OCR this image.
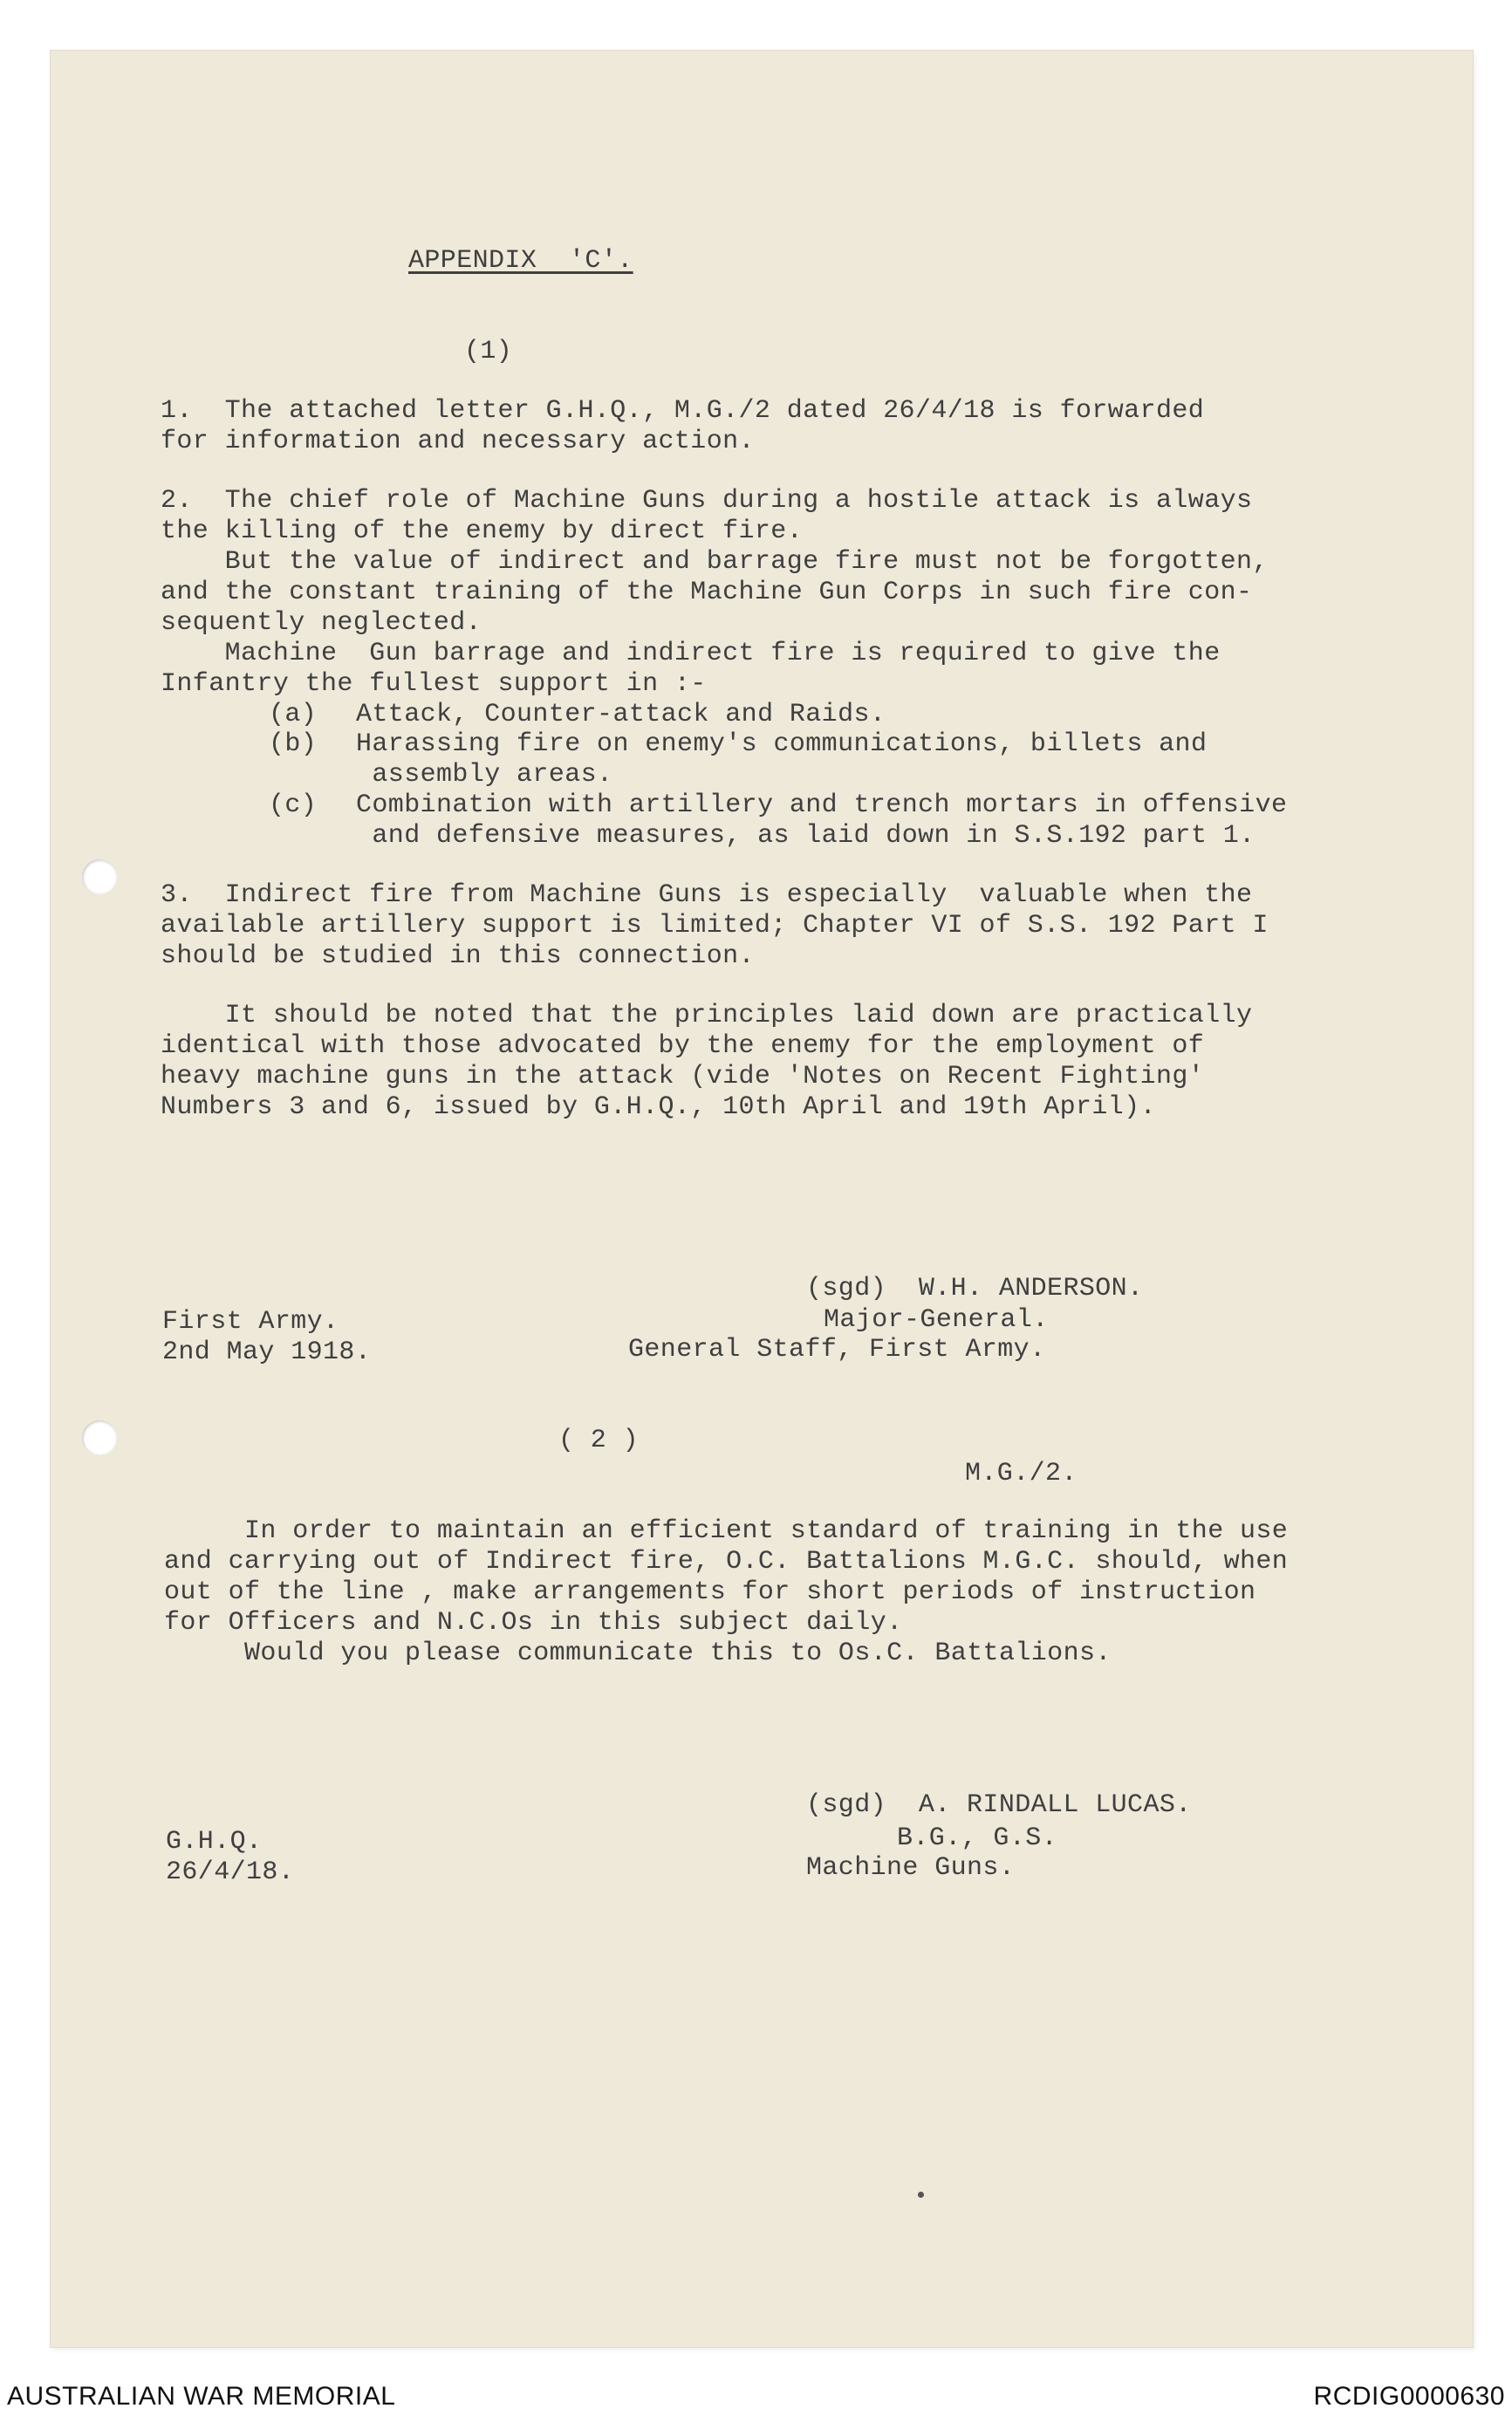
APPENDIX  'C'.

(1)

1.  The attached letter G.H.Q., M.G./2 dated 26/4/18 is forwarded
for information and necessary action.

2.  The chief role of Machine Guns during a hostile attack is always
the killing of the enemy by direct fire.
But the value of indirect and barrage fire must not be forgotten,
and the constant training of the Machine Gun Corps in such fire con-
sequently neglected.
Machine  Gun barrage and indirect fire is required to give the
Infantry the fullest support in :-

(a) Attack, Counter-attack and Raids.

(b) Harassing fire on enemy's communications, billets and
assembly areas.

(c) Combination with artillery and trench mortars in offensive
and defensive measures, as laid down in S.S.192 part 1.

3.  Indirect fire from Machine Guns is especially  valuable when the
available artillery support is limited; Chapter VI of S.S. 192 Part I
should be studied in this connection.

It should be noted that the principles laid down are practically
identical with those advocated by the enemy for the employment of
heavy machine guns in the attack (vide 'Notes on Recent Fighting'
Numbers 3 and 6, issued by G.H.Q., 10th April and 19th April).

First Army.
2nd May 1918.

(sgd)  W.H. ANDERSON.

Major-General.

General Staff, First Army.

( 2 )

M.G./2.

In order to maintain an efficient standard of training in the use
and carrying out of Indirect fire, O.C. Battalions M.G.C. should, when
out of the line , make arrangements for short periods of instruction
for Officers and N.C.Os in this subject daily.
Would you please communicate this to Os.C. Battalions.

G.H.Q.
26/4/18.

(sgd)  A. RINDALL LUCAS.

B.G., G.S.

Machine Guns.

AUSTRALIAN WAR MEMORIAL	RCDIG0000630
